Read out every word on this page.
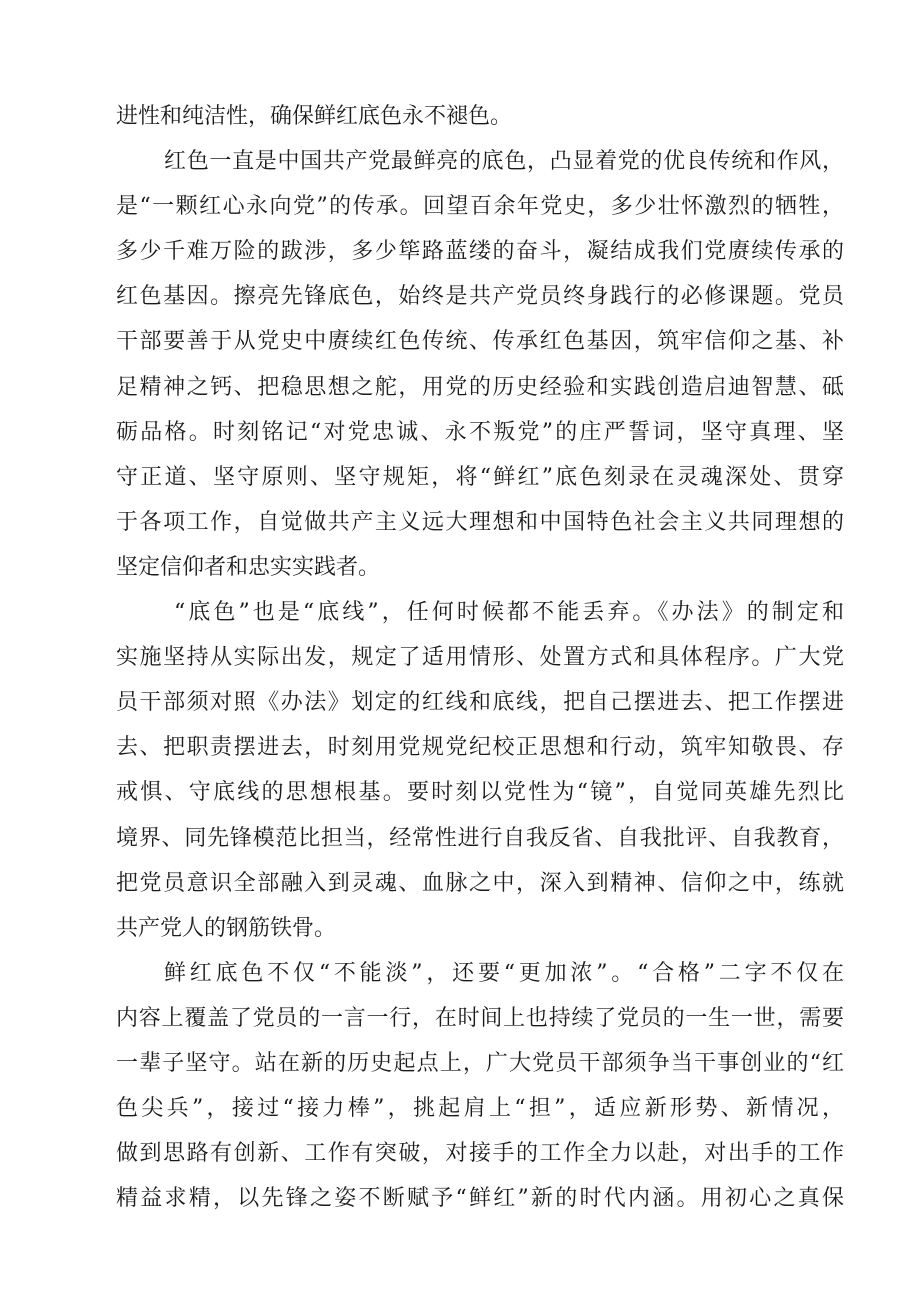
进性和纯洁性，确保鲜红底色永不褪色。
红色一直是中国共产党最鲜亮的底色，凸显着党的优良传统和作风，
是“一颗红心永向党”的传承。回望百余年党史，多少壮怀激烈的牺牲，
多少千难万险的跋涉，多少筚路蓝缕的奋斗，凝结成我们党赓续传承的
红色基因。擦亮先锋底色，始终是共产党员终身践行的必修课题。党员
干部要善于从党史中赓续红色传统、传承红色基因，筑牢信仰之基、补
足精神之钙、把稳思想之舵，用党的历史经验和实践创造启迪智慧、砥
砺品格。时刻铭记“对党忠诚、永不叛党”的庄严誓词，坚守真理、坚
守正道、坚守原则、坚守规矩，将“鲜红”底色刻录在灵魂深处、贯穿
于各项工作，自觉做共产主义远大理想和中国特色社会主义共同理想的
坚定信仰者和忠实实践者。
“底色”也是“底线”，任何时候都不能丢弃。《办法》的制定和
实施坚持从实际出发，规定了适用情形、处置方式和具体程序。广大党
员干部须对照《办法》划定的红线和底线，把自己摆进去、把工作摆进
去、把职责摆进去，时刻用党规党纪校正思想和行动，筑牢知敬畏、存
戒惧、守底线的思想根基。要时刻以党性为“镜”，自觉同英雄先烈比
境界、同先锋模范比担当，经常性进行自我反省、自我批评、自我教育，
把党员意识全部融入到灵魂、血脉之中，深入到精神、信仰之中，练就
共产党人的钢筋铁骨。
鲜红底色不仅“不能淡”，还要“更加浓”。“合格”二字不仅在
内容上覆盖了党员的一言一行，在时间上也持续了党员的一生一世，需要
一辈子坚守。站在新的历史起点上，广大党员干部须争当干事创业的“红
色尖兵”，接过“接力棒”，挑起肩上“担”，适应新形势、新情况，
做到思路有创新、工作有突破，对接手的工作全力以赴，对出手的工作
精益求精，以先锋之姿不断赋予“鲜红”新的时代内涵。用初心之真保
